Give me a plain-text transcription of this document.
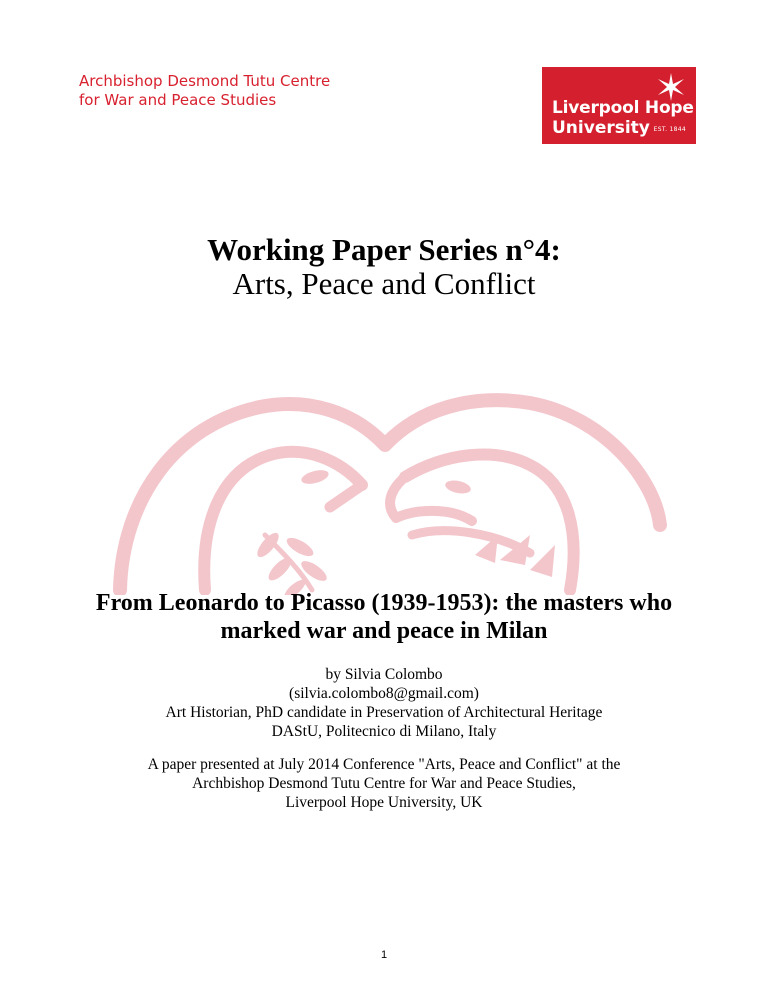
Archbishop Desmond Tutu Centre
for War and Peace Studies	Liverpool Hope
University EST. 1844
Working Paper Series n°4:
Arts, Peace and Conflict
From Leonardo to Picasso (1939-1953): the masters who
marked war and peace in Milan
by Silvia Colombo
(silvia.colombo8@gmail.com)
Art Historian, PhD candidate in Preservation of Architectural Heritage
DAStU, Politecnico di Milano, Italy
A paper presented at July 2014 Conference "Arts, Peace and Conflict" at the
Archbishop Desmond Tutu Centre for War and Peace Studies,
Liverpool Hope University, UK
1
